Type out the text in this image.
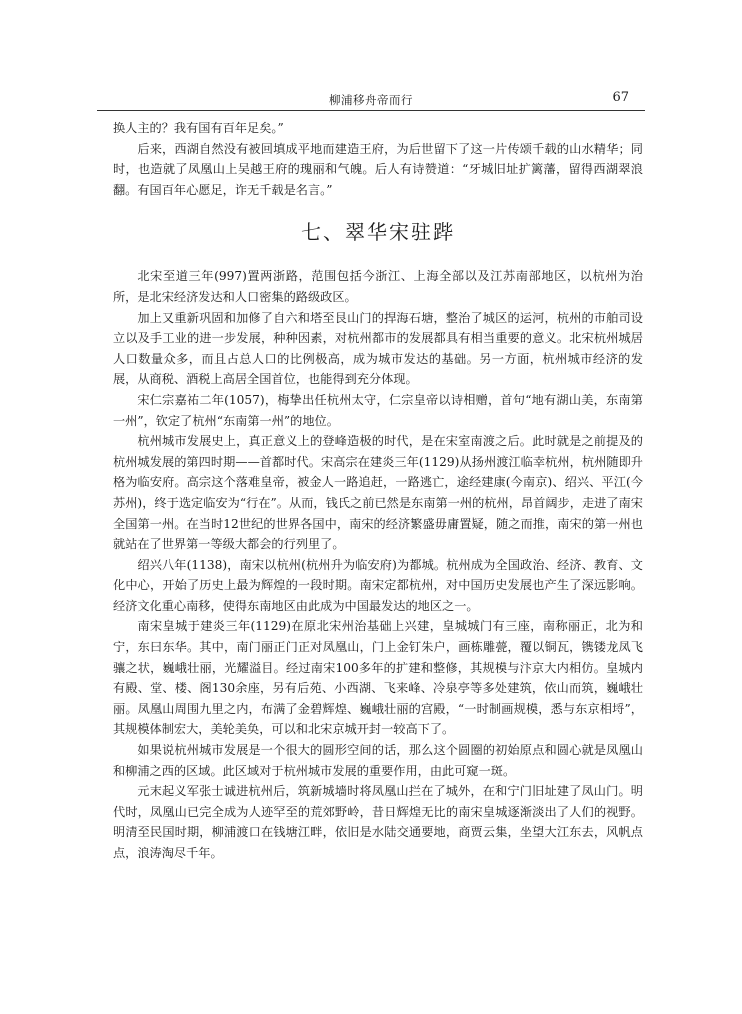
柳浦移舟帝而行	67

换人主的？我有国有百年足矣。”

后来，西湖自然没有被回填成平地而建造王府，为后世留下了这一片传颂千载的山水精华；同时，也造就了凤凰山上吴越王府的瑰丽和气魄。后人有诗赞道：“牙城旧址扩篱藩，留得西湖翠浪翻。有国百年心愿足，诈无千载是名言。”

七、翠华宋驻跸

北宋至道三年(997)置两浙路，范围包括今浙江、上海全部以及江苏南部地区，以杭州为治所，是北宋经济发达和人口密集的路级政区。

加上又重新巩固和加修了自六和塔至艮山门的捍海石塘，整治了城区的运河，杭州的市舶司设立以及手工业的进一步发展，种种因素，对杭州都市的发展都具有相当重要的意义。北宋杭州城居人口数量众多，而且占总人口的比例极高，成为城市发达的基础。另一方面，杭州城市经济的发展，从商税、酒税上高居全国首位，也能得到充分体现。

宋仁宗嘉祐二年(1057)，梅挚出任杭州太守，仁宗皇帝以诗相赠，首句“地有湖山美，东南第一州”，钦定了杭州“东南第一州”的地位。

杭州城市发展史上，真正意义上的登峰造极的时代，是在宋室南渡之后。此时就是之前提及的杭州城发展的第四时期——首都时代。宋高宗在建炎三年(1129)从扬州渡江临幸杭州，杭州随即升格为临安府。高宗这个落难皇帝，被金人一路追赶，一路逃亡，途经建康(今南京)、绍兴、平江(今苏州)，终于选定临安为“行在”。从而，钱氏之前已然是东南第一州的杭州，昂首阔步，走进了南宋全国第一州。在当时12世纪的世界各国中，南宋的经济繁盛毋庸置疑，随之而推，南宋的第一州也就站在了世界第一等级大都会的行列里了。

绍兴八年(1138)，南宋以杭州(杭州升为临安府)为都城。杭州成为全国政治、经济、教育、文化中心，开始了历史上最为辉煌的一段时期。南宋定都杭州，对中国历史发展也产生了深远影响。经济文化重心南移，使得东南地区由此成为中国最发达的地区之一。

南宋皇城于建炎三年(1129)在原北宋州治基础上兴建，皇城城门有三座，南称丽正，北为和宁，东曰东华。其中，南门丽正门正对凤凰山，门上金钉朱户，画栋雕甍，覆以铜瓦，镌镂龙凤飞骧之状，巍峨壮丽，光耀溢目。经过南宋100多年的扩建和整修，其规模与汴京大内相仿。皇城内有殿、堂、楼、阁130余座，另有后苑、小西湖、飞来峰、冷泉亭等多处建筑，依山而筑，巍峨壮丽。凤凰山周围九里之内，布满了金碧辉煌、巍峨壮丽的宫殿，“一时制画规模，悉与东京相埒”，其规模体制宏大，美轮美奂，可以和北宋京城开封一较高下了。

如果说杭州城市发展是一个很大的圆形空间的话，那么这个圆圈的初始原点和圆心就是凤凰山和柳浦之西的区域。此区域对于杭州城市发展的重要作用，由此可窥一斑。

元末起义军张士诚进杭州后，筑新城墙时将凤凰山拦在了城外，在和宁门旧址建了凤山门。明代时，凤凰山已完全成为人迹罕至的荒郊野岭，昔日辉煌无比的南宋皇城逐渐淡出了人们的视野。明清至民国时期，柳浦渡口在钱塘江畔，依旧是水陆交通要地，商贾云集，坐望大江东去，风帆点点，浪涛淘尽千年。
